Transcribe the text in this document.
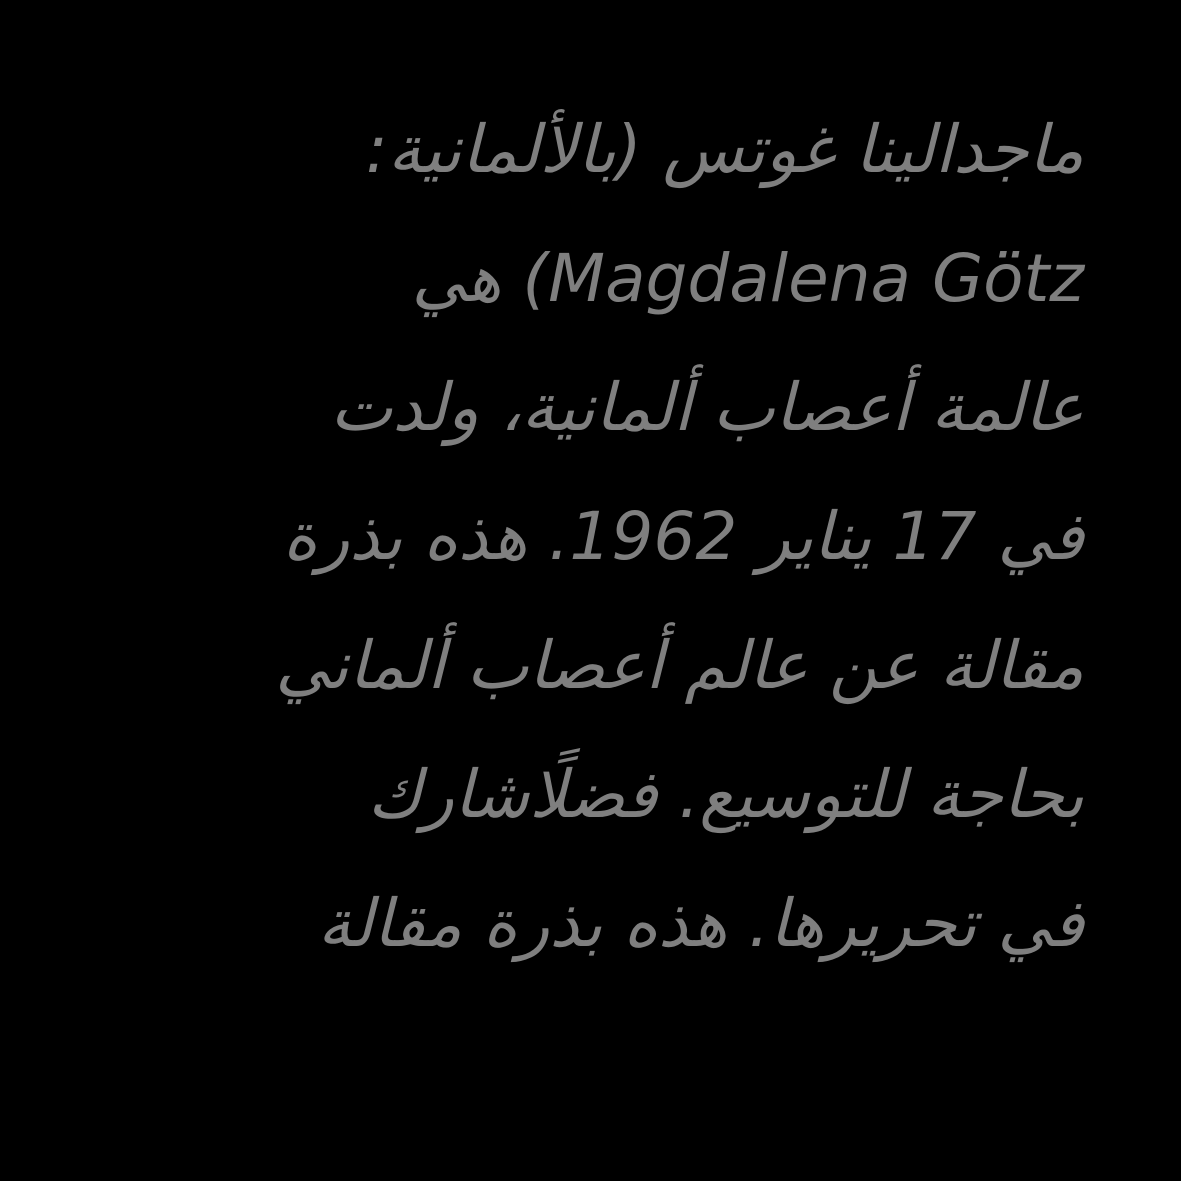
ماجدالينا غوتس (بالألمانية:
Magdalena Götz) هي
عالمة أعصاب ألمانية، ولدت
في 17 يناير 1962. هذه بذرة
مقالة عن عالم أعصاب ألماني
بحاجة للتوسيع. فضلًاشارك
في تحريرها. هذه بذرة مقالة
